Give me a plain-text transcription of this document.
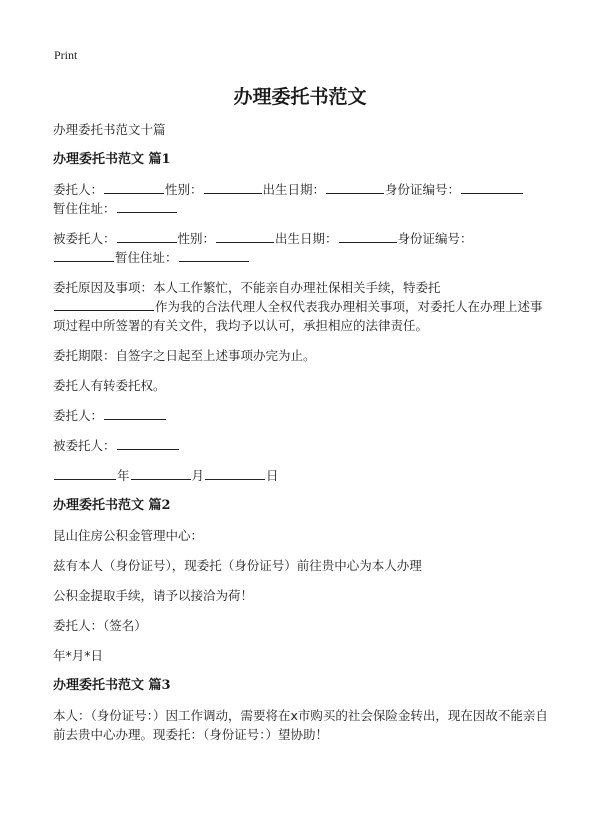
Print
办理委托书范文

办理委托书范文十篇

办理委托书范文 篇1

委托人：	性别：	出生日期：	身份证编号：
暂住住址：

被委托人：	性别：	出生日期：	身份证编号：
暂住住址：

委托原因及事项：本人工作繁忙，不能亲自办理社保相关手续，特委托
作为我的合法代理人全权代表我办理相关事项，对委托人在办理上述事项过程中所签署的有关文件，我均予以认可，承担相应的法律责任。

委托期限：自签字之日起至上述事项办完为止。

委托人有转委托权。

委托人：

被委托人：

年	月	日

办理委托书范文 篇2

昆山住房公积金管理中心：

兹有本人（身份证号），现委托（身份证号）前往贵中心为本人办理

公积金提取手续，请予以接洽为荷！

委托人：（签名）

年*月*日

办理委托书范文 篇3

本人：（身份证号：）因工作调动，需要将在x市购买的社会保险金转出，现在因故不能亲自前去贵中心办理。现委托：（身份证号：）望协助！
